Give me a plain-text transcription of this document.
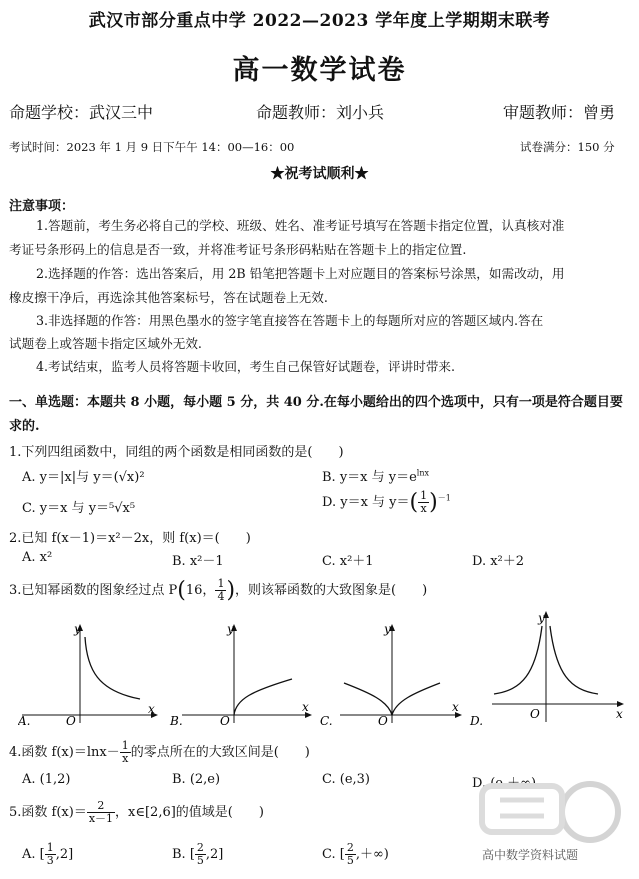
武汉市部分重点中学 2022—2023 学年度上学期期末联考
高一数学试卷
命题学校：武汉三中	命题教师：刘小兵	审题教师：曾勇
考试时间：2023 年 1 月 9 日下午午 14：00—16：00	试卷满分：150 分
★祝考试顺利★
注意事项：
1.答题前，考生务必将自己的学校、班级、姓名、准考证号填写在答题卡指定位置，认真核对准
考证号条形码上的信息是否一致，并将准考证号条形码粘贴在答题卡上的指定位置.
2.选择题的作答：选出答案后，用 2B 铅笔把答题卡上对应题目的答案标号涂黑，如需改动，用
橡皮擦干净后，再选涂其他答案标号，答在试题卷上无效.
3.非选择题的作答：用黑色墨水的签字笔直接答在答题卡上的每题所对应的答题区域内.答在
试题卷上或答题卡指定区域外无效.
4.考试结束，监考人员将答题卡收回，考生自己保管好试题卷，评讲时带来.
一、单选题：本题共 8 小题，每小题 5 分，共 40 分.在每小题给出的四个选项中，只有一项是符合题目要求的.
1.下列四组函数中，同组的两个函数是相同函数的是(　　)
A. y＝|x|与 y＝(√x)²	B. y＝x 与 $y=e^{lnx}$
C. y＝x 与 y＝⁵√x⁵	D. y＝x 与 $y=( \frac{1}{x} )^{-1}$
2.已知 f(x－1)＝x²－2x，则 f(x)＝(　　)
A. x²	B. x²－1	C. x²＋1	D. x²＋2
3.已知幂函数的图象经过点 P(16， $\frac{1}{4}$ )，则该幂函数的大致图象是(　　)
y
x
O
A.
y
x
O
B.
y
x
O
C.
y
x
O
D.
4.函数 $f(x)=\ln x- \frac{1}{x}$ 的零点所在的大致区间是(　　)
A. (1,2)	B. (2,e)	C. (e,3)	D. (e,＋∞)
5.函数 $f(x)= \frac{2}{x-1}$ ，x∈[2,6]的值域是(　　)
A. [ $\frac{1}{3} ,2$]	B. [ $\frac{2}{5} ,2$]	C. [ $\frac{2}{5}$ ,＋∞)	高中数学资料试题
